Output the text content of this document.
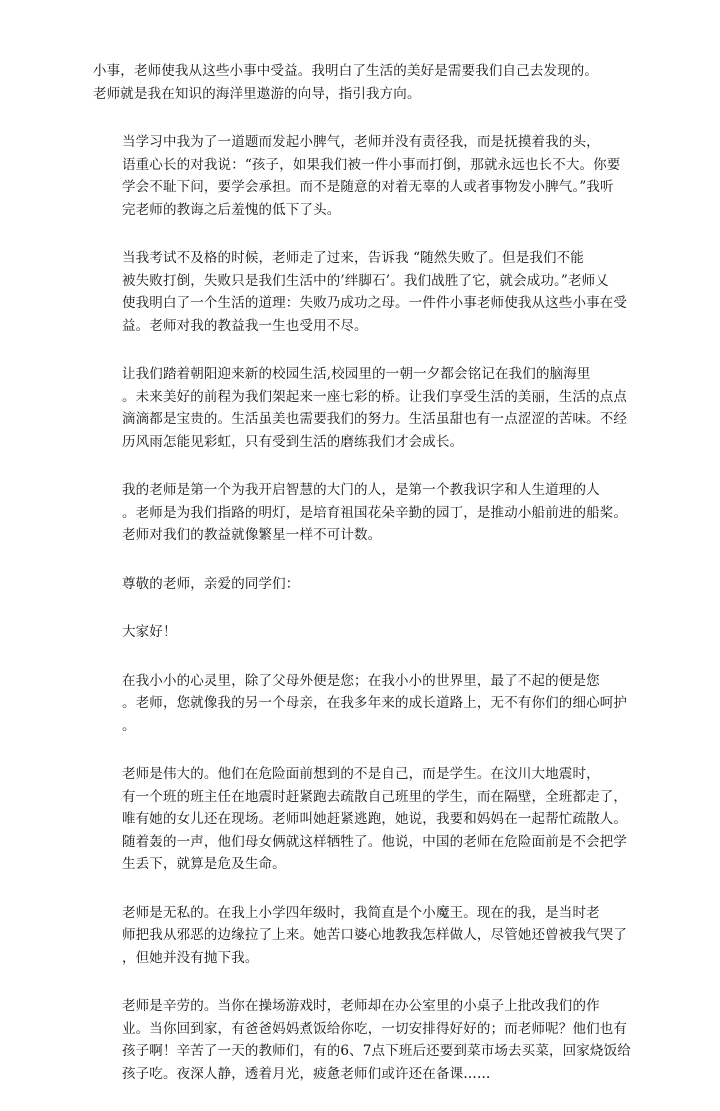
小事，老师使我从这些小事中受益。我明白了生活的美好是需要我们自己去发现的。
老师就是我在知识的海洋里遨游的向导，指引我方向。

当学习中我为了一道题而发起小脾气，老师并没有责径我，而是抚摸着我的头，
语重心长的对我说：“孩子，如果我们被一件小事而打倒，那就永远也长不大。你要
学会不耻下问，要学会承担。而不是随意的对着无辜的人或者事物发小脾气。”我听
完老师的教诲之后羞愧的低下了头。

当我考试不及格的时候，老师走了过来，告诉我 “随然失败了。但是我们不能
被失败打倒，失败只是我们生活中的’绊脚石’。我们战胜了它，就会成功。”老师乂
使我明白了一个生活的道理：失败乃成功之母。一件件小事老师使我从这些小事在受
益。老师对我的教益我一生也受用不尽。

让我们踏着朝阳迎来新的校园生活,校园里的一朝一夕都会铭记在我们的脑海里
。未来美好的前程为我们架起来一座七彩的桥。让我们享受生活的美丽，生活的点点
滴滴都是宝贵的。生活虽美也需要我们的努力。生活虽甜也有一点涩涩的苦味。不经
历风雨怎能见彩虹，只有受到生活的磨练我们才会成长。

我的老师是第一个为我开启智慧的大门的人，是第一个教我识字和人生道理的人
。老师是为我们指路的明灯，是培育祖国花朵辛勤的园丁，是推动小船前进的船桨。
老师对我们的教益就像繁星一样不可计数。

尊敬的老师，亲爱的同学们：

大家好！

在我小小的心灵里，除了父母外便是您；在我小小的世界里，最了不起的便是您
。老师，您就像我的另一个母亲，在我多年来的成长道路上，无不有你们的细心呵护
。

老师是伟大的。他们在危险面前想到的不是自己，而是学生。在汶川大地震时，
有一个班的班主任在地震时赶紧跑去疏散自己班里的学生，而在隔壁，全班都走了，
唯有她的女儿还在现场。老师叫她赶紧逃跑，她说，我要和妈妈在一起帮忙疏散人。
随着轰的一声，他们母女俩就这样牺牲了。他说，中国的老师在危险面前是不会把学
生丢下，就算是危及生命。

老师是无私的。在我上小学四年级时，我简直是个小魔王。现在的我，是当时老
师把我从邪恶的边缘拉了上来。她苦口婆心地教我怎样做人，尽管她还曾被我气哭了
，但她并没有抛下我。

老师是辛劳的。当你在操场游戏时，老师却在办公室里的小桌子上批改我们的作
业。当你回到家，有爸爸妈妈煮饭给你吃，一切安排得好好的；而老师呢？他们也有
孩子啊！辛苦了一天的教师们，有的6、7点下班后还要到菜市场去买菜，回家烧饭给
孩子吃。夜深人静，透着月光，疲惫老师们或许还在备课……
